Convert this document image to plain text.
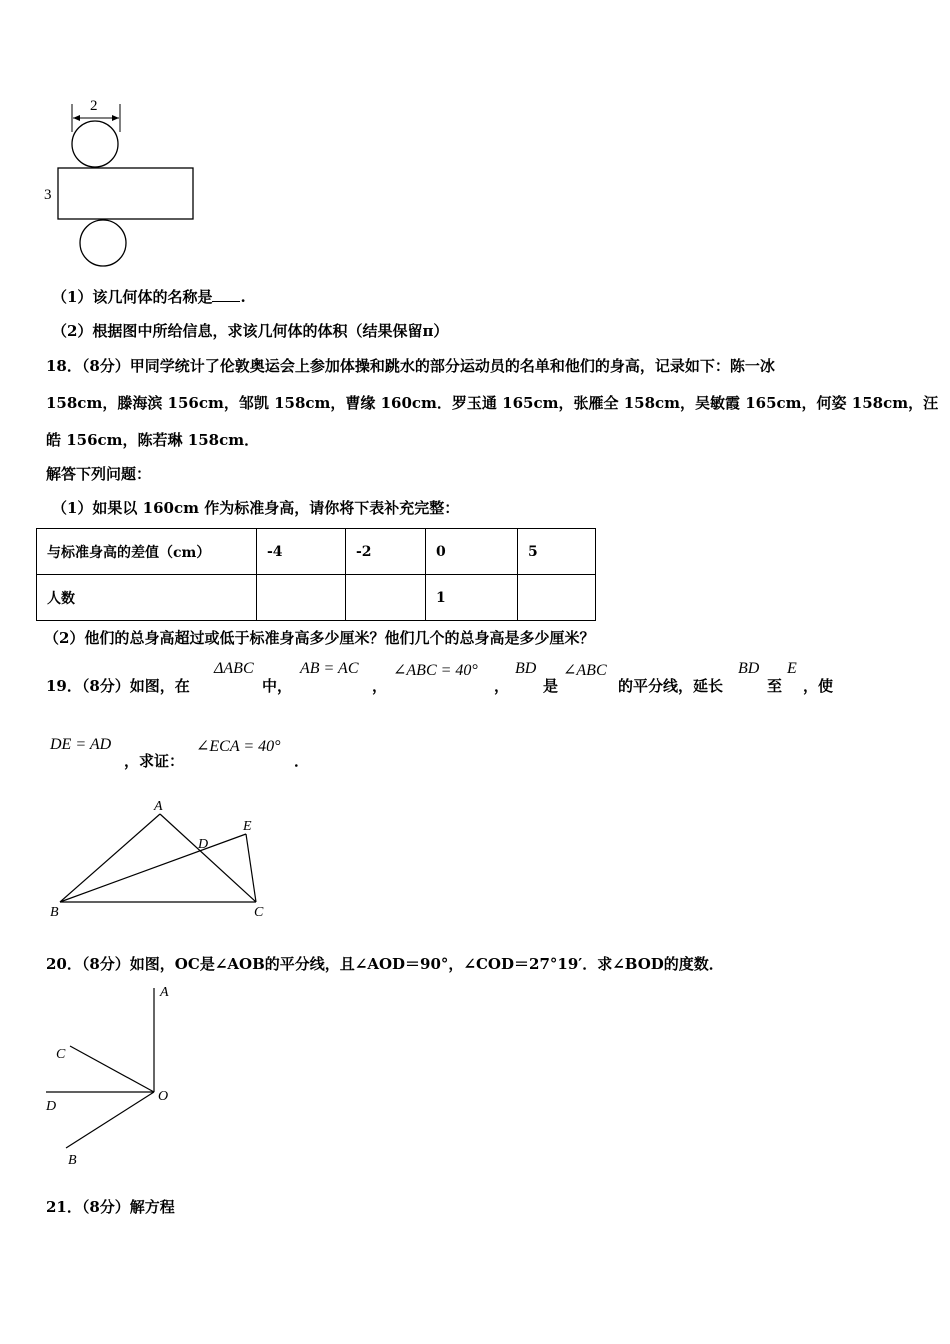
2
3
（1）该几何体的名称是 .
（2）根据图中所给信息，求该几何体的体积（结果保留π）
18．（8分）甲同学统计了伦敦奥运会上参加体操和跳水的部分运动员的名单和他们的身高，记录如下：陈一冰
158cm，滕海滨 156cm，邹凯 158cm，曹缘 160cm．罗玉通 165cm，张雁全 158cm，吴敏霞 165cm，何姿 158cm，汪
皓 156cm，陈若琳 158cm．
解答下列问题：
（1）如果以 160cm 作为标准身高，请你将下表补充完整：
与标准身高的差值（cm）	-4	-2	0	5
人数			1	
（2）他们的总身高超过或低于标准身高多少厘米？他们几个的总身高是多少厘米？
19．（8分）如图，在
ΔABC
中，
AB = AC
，
∠ABC = 40°
，
BD
是
∠ABC
的平分线，延长
BD
至
E
，使
DE = AD
，求证：
∠ECA = 40°
．
A
B	C
D
E
20．（8分）如图，OC是∠AOB的平分线，且∠AOD＝90°，∠COD＝27°19′．求∠BOD的度数．
A
C
D
O
B
21．（8分）解方程
